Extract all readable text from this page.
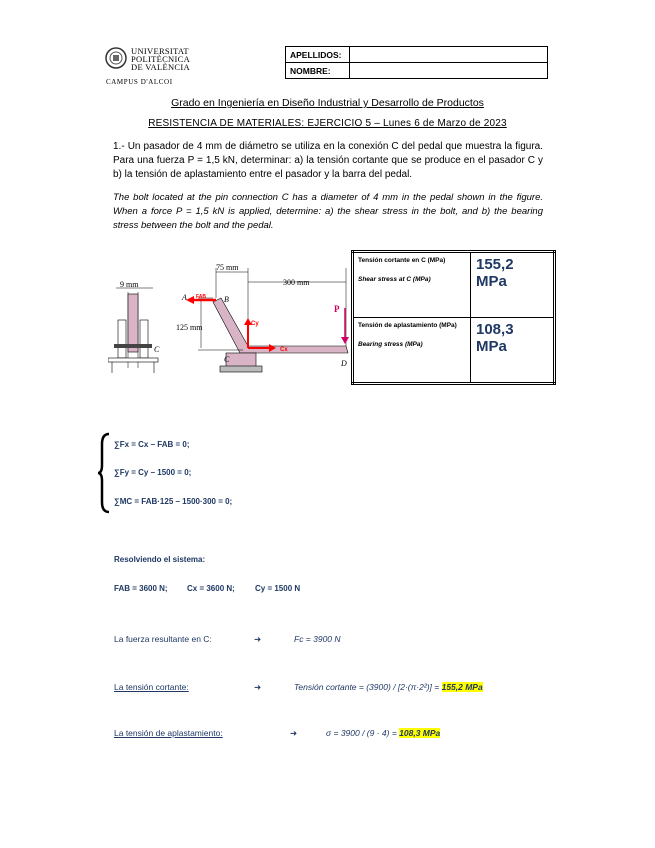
UNIVERSITAT
POLITÈCNICA
DE VALÈNCIA
CAMPUS D'ALCOI
APELLIDOS:	
NOMBRE:	
Grado en Ingeniería en Diseño Industrial y Desarrollo de Productos
RESISTENCIA DE MATERIALES: EJERCICIO 5 – Lunes 6 de Marzo de 2023
1.- Un pasador de 4 mm de diámetro se utiliza en la conexión C del pedal que muestra la figura. Para una fuerza P = 1,5 kN, determinar: a) la tensión cortante que se produce en el pasador C y b) la tensión de aplastamiento entre el pasador y la barra del pedal.
The bolt located at the pin connection C has a diameter of 4 mm in the pedal shown in the figure. When a force P = 1,5 kN is applied, determine: a) the shear stress in the bolt, and b) the bearing stress between the bolt and the pedal.
9 mm
C
75 mm
300 mm
125 mm
A	B
C	D
FAB
Cy
Cx
P
Tensión cortante en C (MPa)
Shear stress at C (MPa)	155,2 MPa

Tensión de aplastamiento (MPa)
Bearing stress (MPa)	108,3 MPa
∑Fx = Cx – FAB = 0;
∑Fy = Cy – 1500 = 0;
∑MC = FAB·125 – 1500·300 = 0;
Resolviendo el sistema:
FAB = 3600 N; Cx = 3600 N;	Cy = 1500 N
La fuerza resultante en C:	➜	Fc = 3900 N
La tensión cortante:	➜	Tensión cortante = (3900) / [2·(π·2²)] = 155,2 MPa
La tensión de aplastamiento:	➜	σ = 3900 / (9 · 4) = 108,3 MPa
